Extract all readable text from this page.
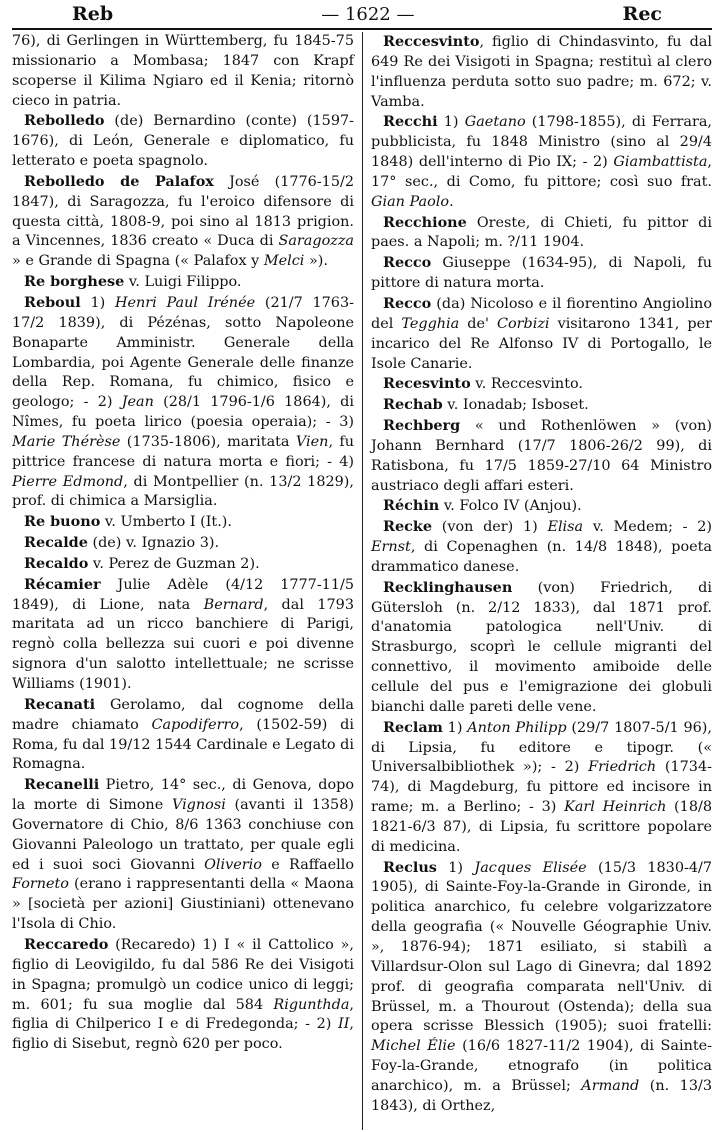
Reb	— 1622 —	Rec

76), di Gerlingen in Württemberg, fu 1845-75 missionario a Mombasa; 1847 con Krapf scoperse il Kilima Ngiaro ed il Kenia; ritornò cieco in patria.

Rebolledo (de) Bernardino (conte) (1597-1676), di León, Generale e diplomatico, fu letterato e poeta spagnolo.

Rebolledo de Palafox José (1776-15/2 1847), di Saragozza, fu l'eroico difensore di questa città, 1808-9, poi sino al 1813 prigion. a Vincennes, 1836 creato « Duca di Saragozza » e Grande di Spagna (« Palafox y Melci »).

Re borghese v. Luigi Filippo.

Reboul 1) Henri Paul Irénée (21/7 1763-17/2 1839), di Pézénas, sotto Napoleone Bonaparte Amministr. Generale della Lombardia, poi Agente Generale delle finanze della Rep. Romana, fu chimico, fisico e geologo; - 2) Jean (28/1 1796-1/6 1864), di Nîmes, fu poeta lirico (poesia operaia); - 3) Marie Thérèse (1735-1806), maritata Vien, fu pittrice francese di natura morta e fiori; - 4) Pierre Edmond, di Montpellier (n. 13/2 1829), prof. di chimica a Marsiglia.

Re buono v. Umberto I (It.).

Recalde (de) v. Ignazio 3).

Recaldo v. Perez de Guzman 2).

Récamier Julie Adèle (4/12 1777-11/5 1849), di Lione, nata Bernard, dal 1793 maritata ad un ricco banchiere di Parigi, regnò colla bellezza sui cuori e poi divenne signora d'un salotto intellettuale; ne scrisse Williams (1901).

Recanati Gerolamo, dal cognome della madre chiamato Capodiferro, (1502-59) di Roma, fu dal 19/12 1544 Cardinale e Legato di Romagna.

Recanelli Pietro, 14° sec., di Genova, dopo la morte di Simone Vignosi (avanti il 1358) Governatore di Chio, 8/6 1363 conchiuse con Giovanni Paleologo un trattato, per quale egli ed i suoi soci Giovanni Oliverio e Raffaello Forneto (erano i rappresentanti della « Maona » [società per azioni] Giustiniani) ottenevano l'Isola di Chio.

Reccaredo (Recaredo) 1) I « il Cattolico », figlio di Leovigildo, fu dal 586 Re dei Visigoti in Spagna; promulgò un codice unico di leggi; m. 601; fu sua moglie dal 584 Rigunthda, figlia di Chilperico I e di Fredegonda; - 2) II, figlio di Sisebut, regnò 620 per poco.

Reccesvinto, figlio di Chindasvinto, fu dal 649 Re dei Visigoti in Spagna; restituì al clero l'influenza perduta sotto suo padre; m. 672; v. Vamba.

Recchi 1) Gaetano (1798-1855), di Ferrara, pubblicista, fu 1848 Ministro (sino al 29/4 1848) dell'interno di Pio IX; - 2) Giambattista, 17° sec., di Como, fu pittore; così suo frat. Gian Paolo.

Recchione Oreste, di Chieti, fu pittor di paes. a Napoli; m. ?/11 1904.

Recco Giuseppe (1634-95), di Napoli, fu pittore di natura morta.

Recco (da) Nicoloso e il fiorentino Angiolino del Tegghia de' Corbizi visitarono 1341, per incarico del Re Alfonso IV di Portogallo, le Isole Canarie.

Recesvinto v. Reccesvinto.

Rechab v. Ionadab; Isboset.

Rechberg « und Rothenlöwen » (von) Johann Bernhard (17/7 1806-26/2 99), di Ratisbona, fu 17/5 1859-27/10 64 Ministro austriaco degli affari esteri.

Réchin v. Folco IV (Anjou).

Recke (von der) 1) Elisa v. Medem; - 2) Ernst, di Copenaghen (n. 14/8 1848), poeta drammatico danese.

Recklinghausen (von) Friedrich, di Gütersloh (n. 2/12 1833), dal 1871 prof. d'anatomia patologica nell'Univ. di Strasburgo, scoprì le cellule migranti del connettivo, il movimento amiboide delle cellule del pus e l'emigrazione dei globuli bianchi dalle pareti delle vene.

Reclam 1) Anton Philipp (29/7 1807-5/1 96), di Lipsia, fu editore e tipogr. (« Universalbibliothek »); - 2) Friedrich (1734-74), di Magdeburg, fu pittore ed incisore in rame; m. a Berlino; - 3) Karl Heinrich (18/8 1821-6/3 87), di Lipsia, fu scrittore popolare di medicina.

Reclus 1) Jacques Elisée (15/3 1830-4/7 1905), di Sainte-Foy-la-Grande in Gironde, in politica anarchico, fu celebre volgarizzatore della geografia (« Nouvelle Géographie Univ. », 1876-94); 1871 esiliato, si stabilì a Villardsur-Olon sul Lago di Ginevra; dal 1892 prof. di geografia comparata nell'Univ. di Brüssel, m. a Thourout (Ostenda); della sua opera scrisse Blessich (1905); suoi fratelli: Michel Élie (16/6 1827-11/2 1904), di Sainte-Foy-la-Grande, etnografo (in politica anarchico), m. a Brüssel; Armand (n. 13/3 1843), di Orthez,
